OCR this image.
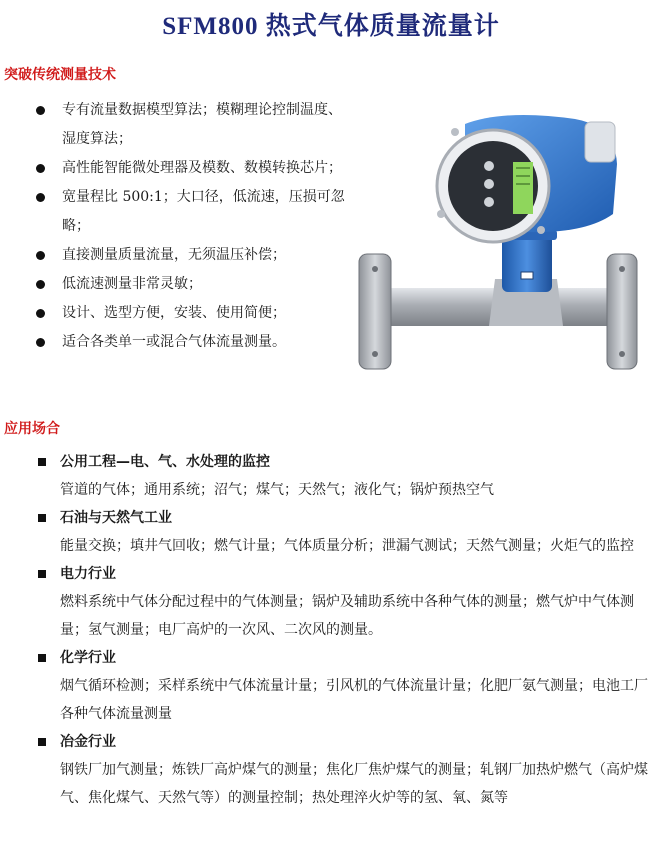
SFM800 热式气体质量流量计
突破传统测量技术
专有流量数据模型算法；模糊理论控制温度、湿度算法；
高性能智能微处理器及模数、数模转换芯片；
宽量程比 500:1；大口径，低流速，压损可忽略；
直接测量质量流量，无须温压补偿；
低流速测量非常灵敏；
设计、选型方便，安装、使用简便；
适合各类单一或混合气体流量测量。
应用场合
公用工程—电、气、水处理的监控
管道的气体；通用系统；沼气；煤气；天然气；液化气；锅炉预热空气
石油与天然气工业
能量交换；填井气回收；燃气计量；气体质量分析；泄漏气测试；天然气测量；火炬气的监控
电力行业
燃料系统中气体分配过程中的气体测量；锅炉及辅助系统中各种气体的测量；燃气炉中气体测量；氢气测量；电厂高炉的一次风、二次风的测量。
化学行业
烟气循环检测；采样系统中气体流量计量；引风机的气体流量计量；化肥厂氨气测量；电池工厂各种气体流量测量
冶金行业
钢铁厂加气测量；炼铁厂高炉煤气的测量；焦化厂焦炉煤气的测量；轧钢厂加热炉燃气（高炉煤气、焦化煤气、天然气等）的测量控制；热处理淬火炉等的氢、氧、氮等
